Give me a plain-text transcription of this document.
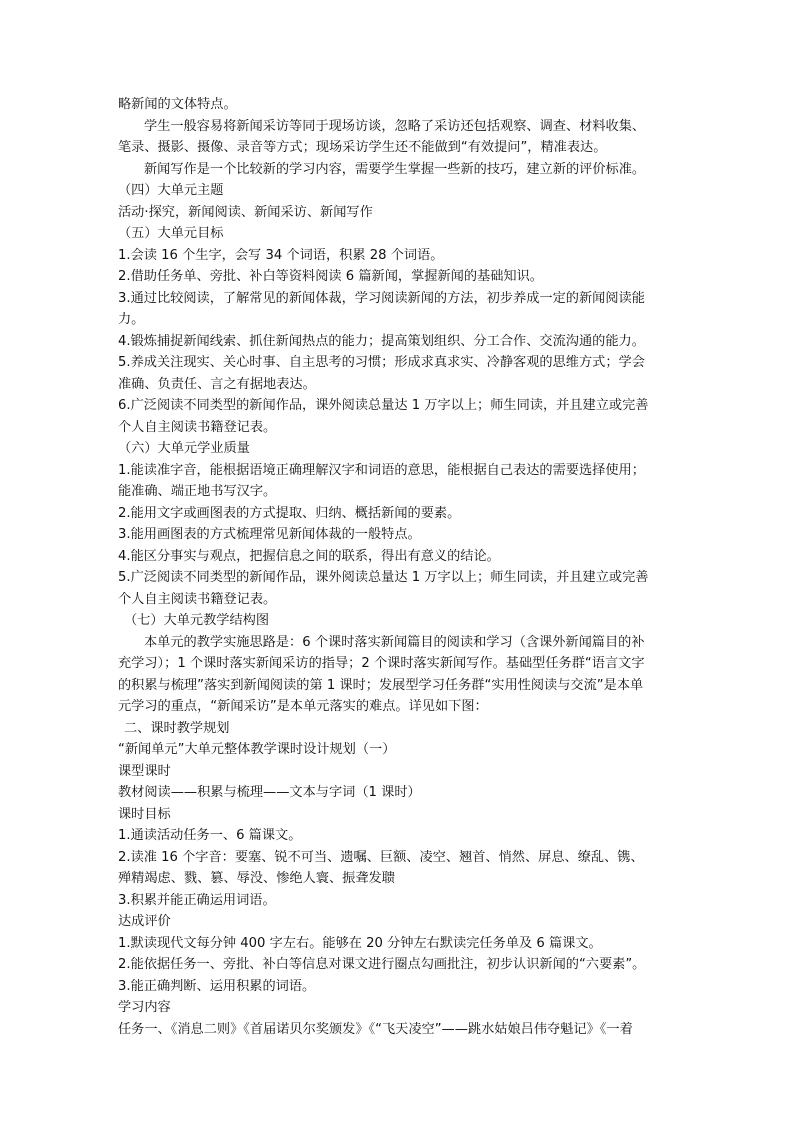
略新闻的文体特点。

学生一般容易将新闻采访等同于现场访谈，忽略了采访还包括观察、调查、材料收集、

笔录、摄影、摄像、录音等方式；现场采访学生还不能做到“有效提问”，精准表达。

新闻写作是一个比较新的学习内容，需要学生掌握一些新的技巧，建立新的评价标准。

（四）大单元主题

活动·探究，新闻阅读、新闻采访、新闻写作

（五）大单元目标

1.会读 16 个生字，会写 34 个词语，积累 28 个词语。

2.借助任务单、旁批、补白等资料阅读 6 篇新闻，掌握新闻的基础知识。

3.通过比较阅读，了解常见的新闻体裁，学习阅读新闻的方法，初步养成一定的新闻阅读能

力。

4.锻炼捕捉新闻线索、抓住新闻热点的能力；提高策划组织、分工合作、交流沟通的能力。

5.养成关注现实、关心时事、自主思考的习惯；形成求真求实、冷静客观的思维方式；学会

准确、负责任、言之有据地表达。

6.广泛阅读不同类型的新闻作品，课外阅读总量达 1 万字以上；师生同读，并且建立或完善

个人自主阅读书籍登记表。

（六）大单元学业质量

1.能读准字音，能根据语境正确理解汉字和词语的意思，能根据自己表达的需要选择使用；

能准确、端正地书写汉字。

2.能用文字或画图表的方式提取、归纳、概括新闻的要素。

3.能用画图表的方式梳理常见新闻体裁的一般特点。

4.能区分事实与观点，把握信息之间的联系，得出有意义的结论。

5.广泛阅读不同类型的新闻作品，课外阅读总量达 1 万字以上；师生同读，并且建立或完善

个人自主阅读书籍登记表。

（七）大单元教学结构图

本单元的教学实施思路是：6 个课时落实新闻篇目的阅读和学习（含课外新闻篇目的补

充学习）；1 个课时落实新闻采访的指导；2 个课时落实新闻写作。基础型任务群“语言文字

的积累与梳理”落实到新闻阅读的第 1 课时；发展型学习任务群“实用性阅读与交流”是本单

元学习的重点，“新闻采访”是本单元落实的难点。详见如下图：

二、课时教学规划

“新闻单元”大单元整体教学课时设计规划（一）

课型课时

教材阅读——积累与梳理——文本与字词（1 课时）

课时目标

1.通读活动任务一、6 篇课文。

2.读准 16 个字音：要塞、锐不可当、遗嘱、巨额、凌空、翘首、悄然、屏息、缭乱、镌、

殚精竭虑、戮、篡、辱没、惨绝人寰、振聋发聩

3.积累并能正确运用词语。

达成评价

1.默读现代文每分钟 400 字左右。能够在 20 分钟左右默读完任务单及 6 篇课文。

2.能依据任务一、旁批、补白等信息对课文进行圈点勾画批注，初步认识新闻的“六要素”。

3.能正确判断、运用积累的词语。

学习内容

任务一、《消息二则》《首届诺贝尔奖颁发》《“飞天凌空”——跳水姑娘吕伟夺魁记》《一着
